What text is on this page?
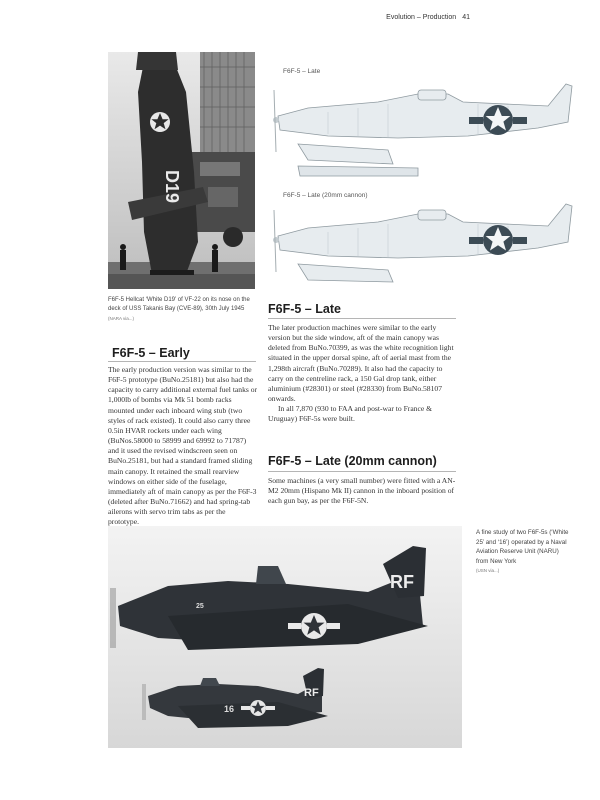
Evolution – Production 41
D19
F6F-5 Hellcat ‘White D19’ of VF-22 on its nose on the deck of USS Takanis Bay (CVE-89), 30th July 1945 (NARA via...)
F6F-5 – Late
F6F-5 – Late (20mm cannon)
F6F-5 – Early

The early production version was similar to the F6F-5 prototype (BuNo.25181) but also had the capacity to carry additional external fuel tanks or 1,000lb of bombs via Mk 51 bomb racks mounted under each inboard wing stub (two styles of rack existed). It could also carry three 0.5in HVAR rockets under each wing (BuNos.58000 to 58999 and 69992 to 71787) and it used the revised windscreen seen on BuNo.25181, but had a standard framed sliding main canopy. It retained the small rearview windows on either side of the fuselage, immediately aft of main canopy as per the F6F-3 (deleted after BuNo.71662) and had spring-tab ailerons with servo trim tabs as per the prototype.

F6F-5 – Late

The later production machines were similar to the early version but the side window, aft of the main canopy was deleted from BuNo.70399, as was the white recognition light situated in the upper dorsal spine, aft of aerial mast from the 1,298th aircraft (BuNo.70289). It also had the capacity to carry on the centreline rack, a 150 Gal drop tank, either aluminium (#28301) or steel (#28330) from BuNo.58107 onwards.

In all 7,870 (930 to FAA and post-war to France & Uruguay) F6F-5s were built.

F6F-5 – Late (20mm cannon)

Some machines (a very small number) were fitted with a AN-M2 20mm (Hispano Mk II) cannon in the inboard position of each gun bay, as per the F6F-5N.

RF
25
RF
16
A fine study of two F6F-5s (‘White 25’ and ‘16’) operated by a Naval Aviation Reserve Unit (NARU) from New York
(USN via...)
